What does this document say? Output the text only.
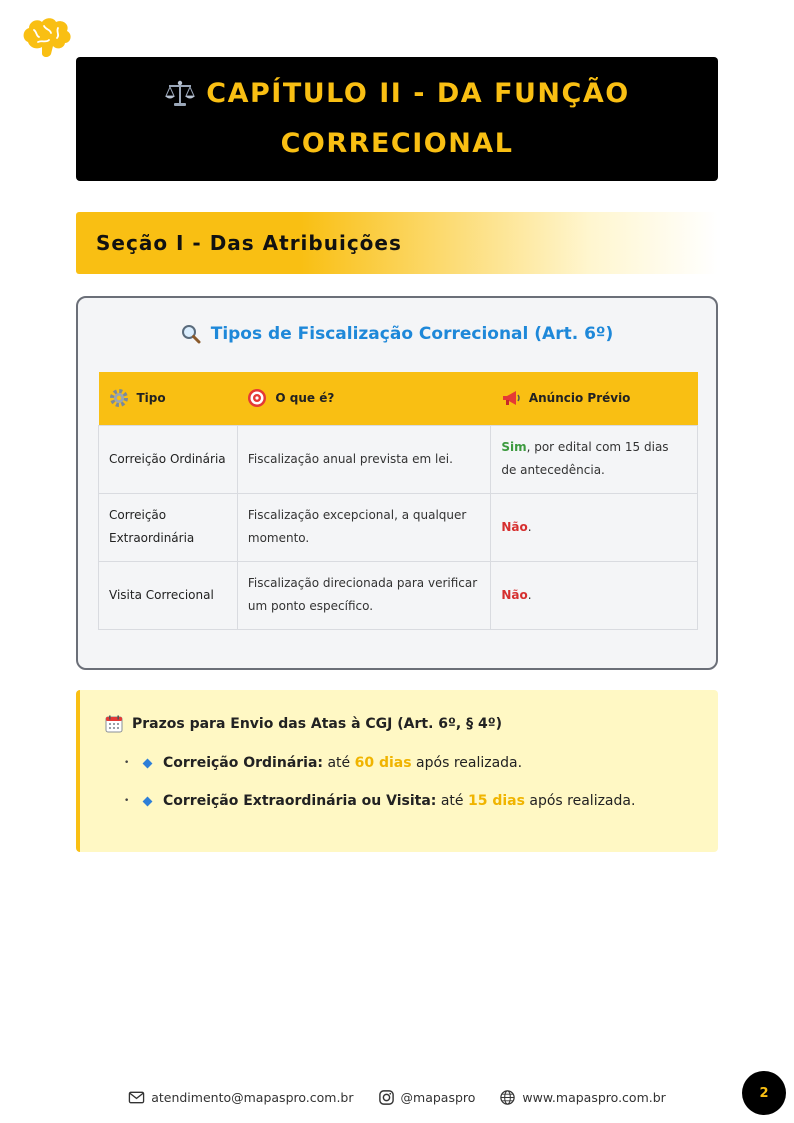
CAPÍTULO II - DA FUNÇÃO
CORRECIONAL
Seção I - Das Atribuições
Tipos de Fiscalização Correcional (Art. 6º)
Tipo	O que é?	Anúncio Prévio

Correição Ordinária	Fiscalização anual prevista em lei.	Sim, por edital com 15 dias de antecedência.
Correição Extraordinária	Fiscalização excepcional, a qualquer momento.	Não.
Visita Correcional	Fiscalização direcionada para verificar um ponto específico.	Não.
Prazos para Envio das Atas à CGJ (Art. 6º, § 4º)
•	Correição Ordinária: até 60 dias após realizada.
•	Correição Extraordinária ou Visita: até 15 dias após realizada.
atendimento@mapaspro.com.br	@mapaspro	www.mapaspro.com.br	2
